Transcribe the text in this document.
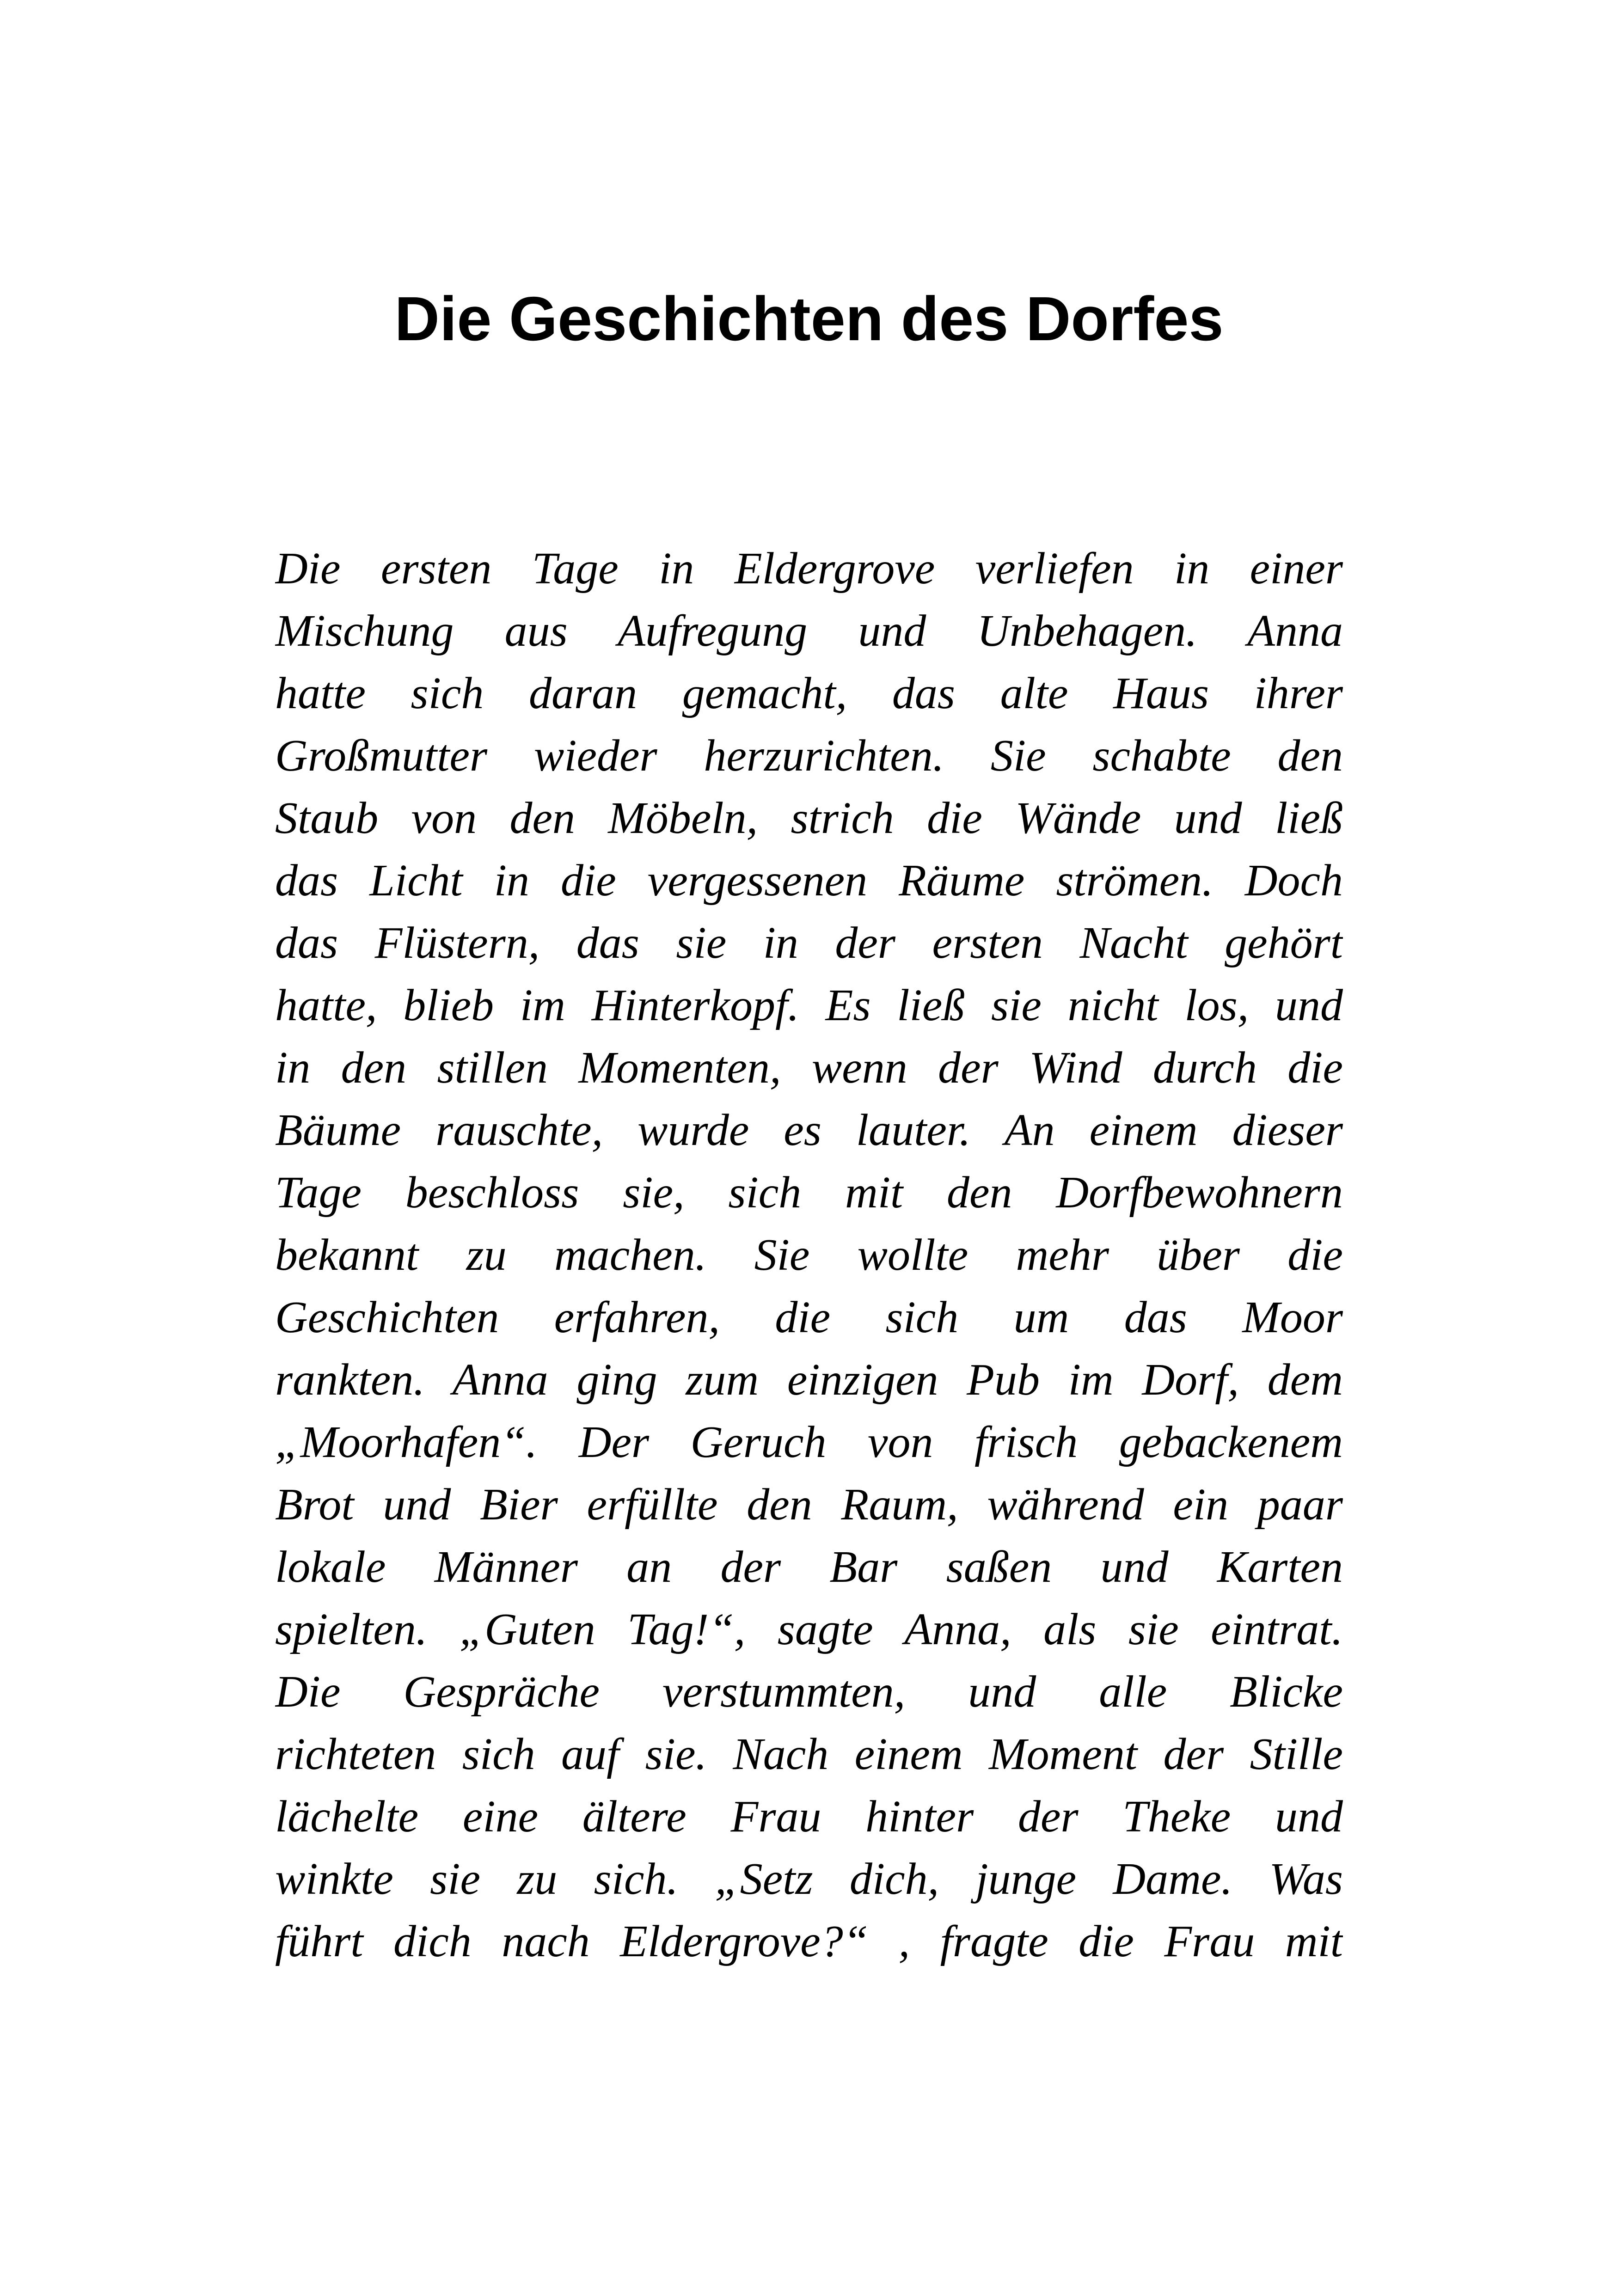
Die Geschichten des Dorfes
Die ersten Tage in Eldergrove verliefen in einer
Mischung aus Aufregung und Unbehagen. Anna
hatte sich daran gemacht, das alte Haus ihrer
Großmutter wieder herzurichten. Sie schabte den
Staub von den Möbeln, strich die Wände und ließ
das Licht in die vergessenen Räume strömen. Doch
das Flüstern, das sie in der ersten Nacht gehört
hatte, blieb im Hinterkopf. Es ließ sie nicht los, und
in den stillen Momenten, wenn der Wind durch die
Bäume rauschte, wurde es lauter. An einem dieser
Tage beschloss sie, sich mit den Dorfbewohnern
bekannt zu machen. Sie wollte mehr über die
Geschichten erfahren, die sich um das Moor
rankten. Anna ging zum einzigen Pub im Dorf, dem
„Moorhafen“. Der Geruch von frisch gebackenem
Brot und Bier erfüllte den Raum, während ein paar
lokale Männer an der Bar saßen und Karten
spielten. „Guten Tag!“, sagte Anna, als sie eintrat.
Die Gespräche verstummten, und alle Blicke
richteten sich auf sie. Nach einem Moment der Stille
lächelte eine ältere Frau hinter der Theke und
winkte sie zu sich. „Setz dich, junge Dame. Was
führt dich nach Eldergrove?“ , fragte die Frau mit
